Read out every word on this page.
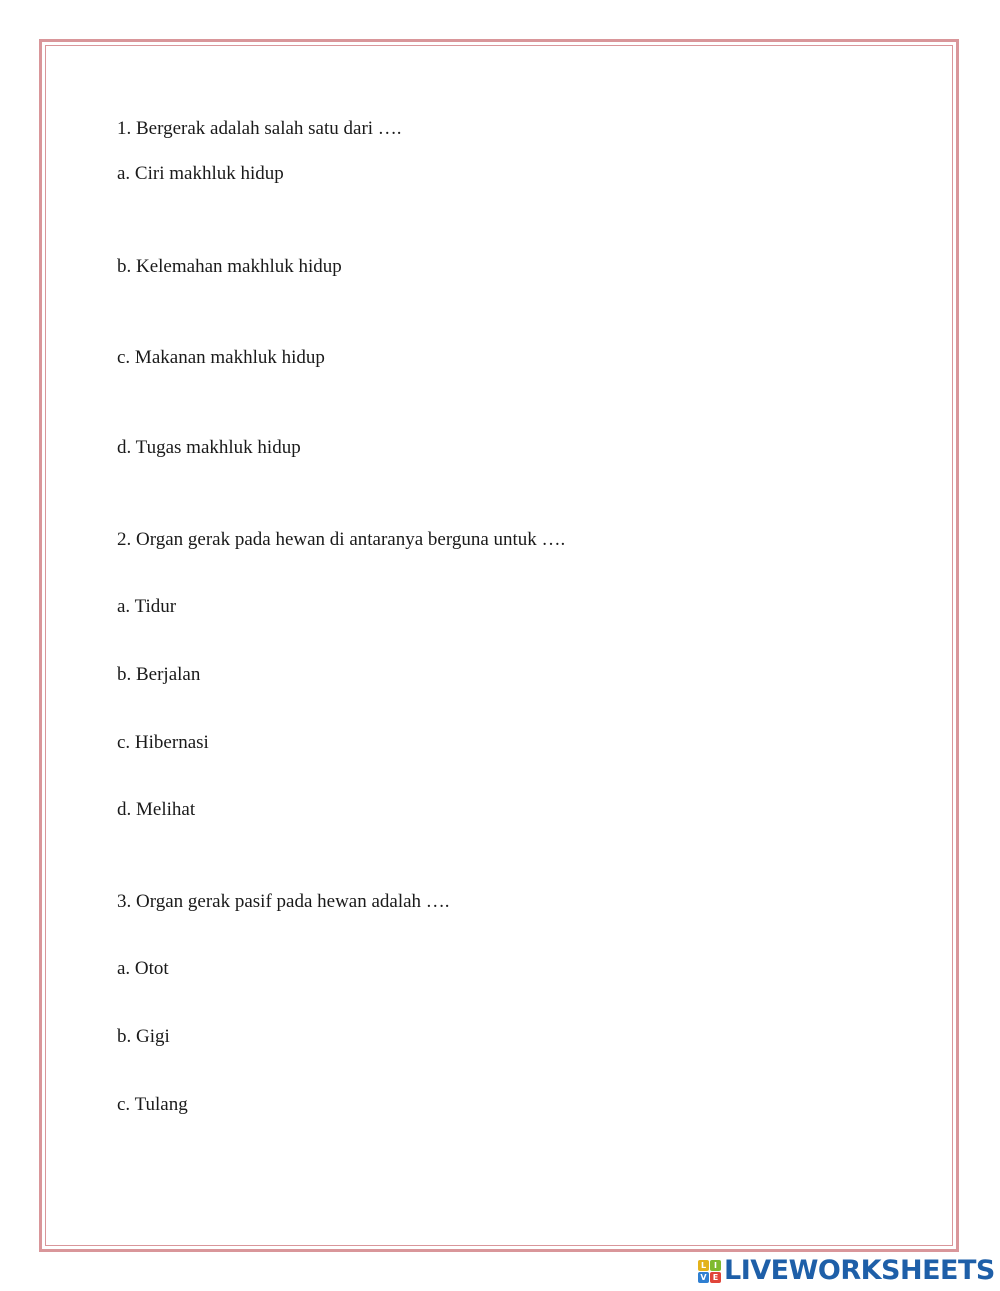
1. Bergerak adalah salah satu dari ….
a. Ciri makhluk hidup
b. Kelemahan makhluk hidup
c. Makanan makhluk hidup
d. Tugas makhluk hidup
2. Organ gerak pada hewan di antaranya berguna untuk ….
a. Tidur
b. Berjalan
c. Hibernasi
d. Melihat
3. Organ gerak pasif pada hewan adalah ….
a. Otot
b. Gigi
c. Tulang
L I
V E LIVEWORKSHEETS
